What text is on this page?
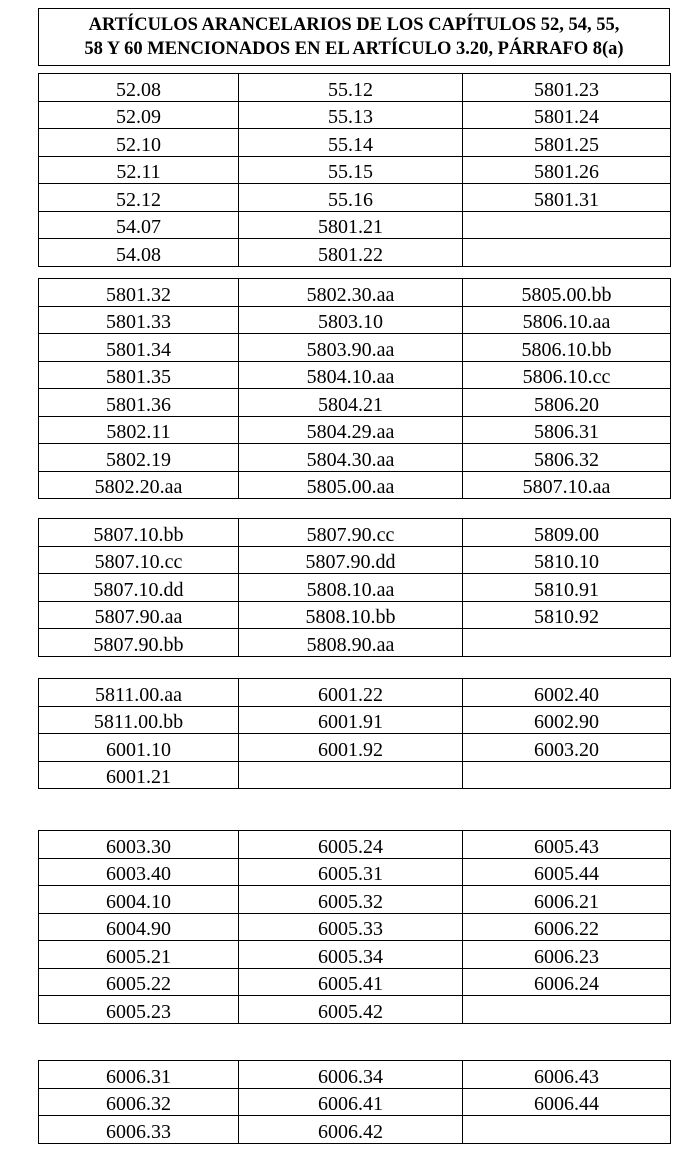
ARTÍCULOS ARANCELARIOS DE LOS CAPÍTULOS 52, 54, 55,
58 Y 60 MENCIONADOS EN EL ARTÍCULO 3.20, PÁRRAFO 8(a)
52.08	55.12	5801.23
52.09	55.13	5801.24
52.10	55.14	5801.25
52.11	55.15	5801.26
52.12	55.16	5801.31
54.07	5801.21	
54.08	5801.22	
5801.32	5802.30.aa	5805.00.bb
5801.33	5803.10	5806.10.aa
5801.34	5803.90.aa	5806.10.bb
5801.35	5804.10.aa	5806.10.cc
5801.36	5804.21	5806.20
5802.11	5804.29.aa	5806.31
5802.19	5804.30.aa	5806.32
5802.20.aa	5805.00.aa	5807.10.aa
5807.10.bb	5807.90.cc	5809.00
5807.10.cc	5807.90.dd	5810.10
5807.10.dd	5808.10.aa	5810.91
5807.90.aa	5808.10.bb	5810.92
5807.90.bb	5808.90.aa	
5811.00.aa	6001.22	6002.40
5811.00.bb	6001.91	6002.90
6001.10	6001.92	6003.20
6001.21		
6003.30	6005.24	6005.43
6003.40	6005.31	6005.44
6004.10	6005.32	6006.21
6004.90	6005.33	6006.22
6005.21	6005.34	6006.23
6005.22	6005.41	6006.24
6005.23	6005.42	
6006.31	6006.34	6006.43
6006.32	6006.41	6006.44
6006.33	6006.42	
